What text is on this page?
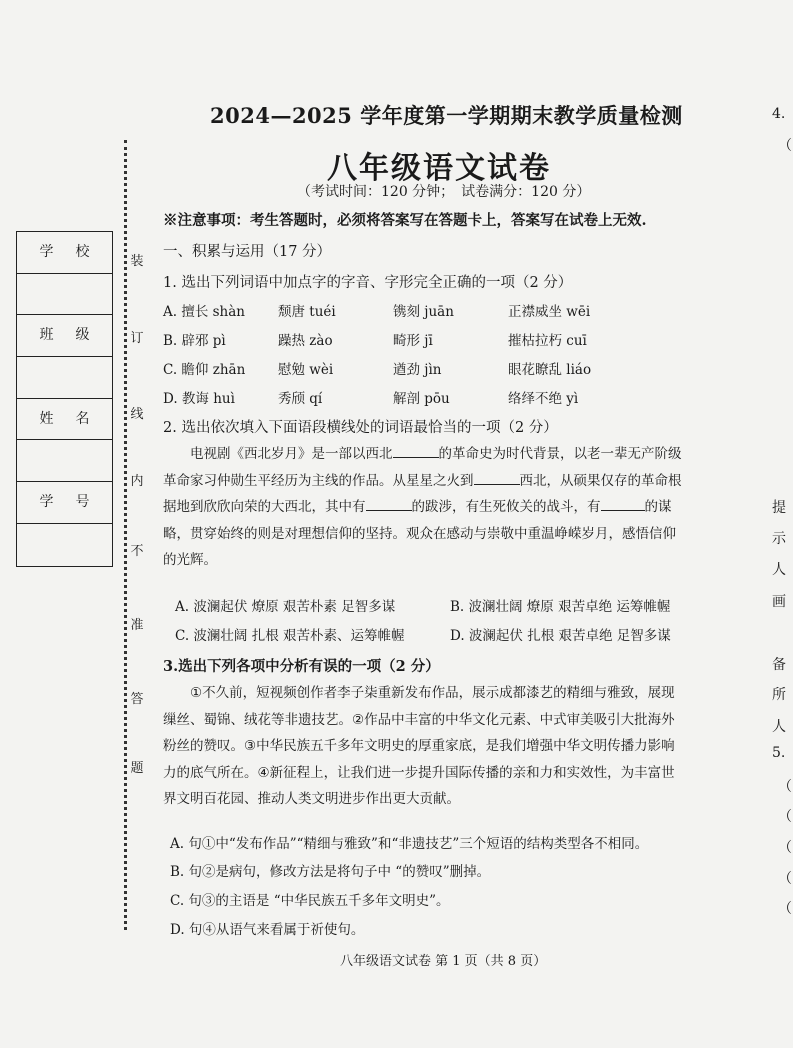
2024—2025 学年度第一学期期末教学质量检测
八年级语文试卷
（考试时间：120 分钟；　试卷满分：120 分）
※注意事项：考生答题时，必须将答案写在答题卡上，答案写在试卷上无效.
学校
班级
姓名
学号
装
订
线
内
不
准
答
题
一、积累与运用（17 分）
1. 选出下列词语中加点字的字音、字形完全正确的一项（2 分）
A. 擅长 shàn 颓唐 tuéi	镌刻 juān	正襟威坐 wēi
B. 辟邪 pì	躁热 zào	畸形 jī	摧枯拉朽 cuī
C. 瞻仰 zhān 慰勉 wèi	遒劲 jìn	眼花瞭乱 liáo
D. 教诲 huì	秀颀 qí	解剖 pōu	络绎不绝 yì
2. 选出依次填入下面语段横线处的词语最恰当的一项（2 分）

电视剧《西北岁月》是一部以西北	的革命史为时代背景，以老一辈无产阶级

革命家习仲勋生平经历为主线的作品。从星星之火到	西北，从硕果仅存的革命根

据地到欣欣向荣的大西北，其中有	的跋涉，有生死攸关的战斗，有	的谋

略，贯穿始终的则是对理想信仰的坚持。观众在感动与崇敬中重温峥嵘岁月，感悟信仰

的光辉。

A. 波澜起伏 燎原 艰苦朴素 足智多谋	B. 波澜壮阔 燎原 艰苦卓绝 运筹帷幄
C. 波澜壮阔 扎根 艰苦朴素、运筹帷幄	D. 波澜起伏 扎根 艰苦卓绝 足智多谋
3.选出下列各项中分析有误的一项（2 分）

①不久前，短视频创作者李子柒重新发布作品，展示成都漆艺的精细与雅致，展现

缫丝、蜀锦、绒花等非遗技艺。②作品中丰富的中华文化元素、中式审美吸引大批海外

粉丝的赞叹。③中华民族五千多年文明史的厚重家底，是我们增强中华文明传播力影响

力的底气所在。④新征程上，让我们进一步提升国际传播的亲和力和实效性，为丰富世

界文明百花园、推动人类文明进步作出更大贡献。

A. 句①中“发布作品”“精细与雅致”和“非遗技艺”三个短语的结构类型各不相同。
B. 句②是病句，修改方法是将句子中 “的赞叹”删掉。
C. 句③的主语是 “中华民族五千多年文明史”。
D. 句④从语气来看属于祈使句。
八年级语文试卷 第 1 页（共 8 页）
4.
（
提
示
人
画
备
所
人
5.
（
（
（
（
（
